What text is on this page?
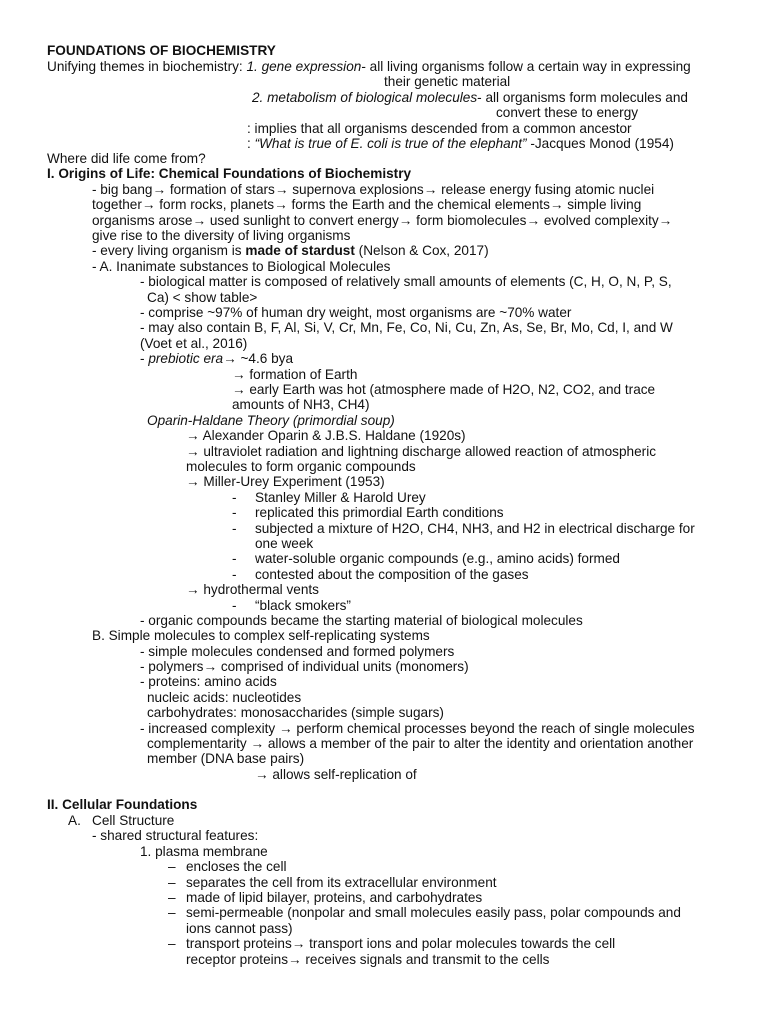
FOUNDATIONS OF BIOCHEMISTRY
Unifying themes in biochemistry: 1. gene expression- all living organisms follow a certain way in expressing
their genetic material
2. metabolism of biological molecules- all organisms form molecules and
convert these to energy
: implies that all organisms descended from a common ancestor
: “What is true of E. coli is true of the elephant” -Jacques Monod (1954)
Where did life come from?
I. Origins of Life: Chemical Foundations of Biochemistry
- big bang→ formation of stars→ supernova explosions→ release energy fusing atomic nuclei
together→ form rocks, planets→ forms the Earth and the chemical elements→ simple living
organisms arose→ used sunlight to convert energy→ form biomolecules→ evolved complexity→
give rise to the diversity of living organisms
- every living organism is made of stardust (Nelson & Cox, 2017)
- A. Inanimate substances to Biological Molecules
- biological matter is composed of relatively small amounts of elements (C, H, O, N, P, S,
Ca) < show table>
- comprise ~97% of human dry weight, most organisms are ~70% water
- may also contain B, F, Al, Si, V, Cr, Mn, Fe, Co, Ni, Cu, Zn, As, Se, Br, Mo, Cd, I, and W
(Voet et al., 2016)
- prebiotic era→ ~4.6 bya
→ formation of Earth
→ early Earth was hot (atmosphere made of H2O, N2, CO2, and trace
amounts of NH3, CH4)
Oparin-Haldane Theory (primordial soup)
→ Alexander Oparin & J.B.S. Haldane (1920s)
→ ultraviolet radiation and lightning discharge allowed reaction of atmospheric
molecules to form organic compounds
→ Miller-Urey Experiment (1953)
- Stanley Miller & Harold Urey
- replicated this primordial Earth conditions
- subjected a mixture of H2O, CH4, NH3, and H2 in electrical discharge for
one week
- water-soluble organic compounds (e.g., amino acids) formed
- contested about the composition of the gases
→ hydrothermal vents
- “black smokers”
- organic compounds became the starting material of biological molecules
B. Simple molecules to complex self-replicating systems
- simple molecules condensed and formed polymers
- polymers→ comprised of individual units (monomers)
- proteins: amino acids
nucleic acids: nucleotides
carbohydrates: monosaccharides (simple sugars)
- increased complexity → perform chemical processes beyond the reach of single molecules
complementarity → allows a member of the pair to alter the identity and orientation another
member (DNA base pairs)
→ allows self-replication of
II. Cellular Foundations
A. Cell Structure
- shared structural features:
1. plasma membrane
– encloses the cell
– separates the cell from its extracellular environment
– made of lipid bilayer, proteins, and carbohydrates
– semi-permeable (nonpolar and small molecules easily pass, polar compounds and
ions cannot pass)
– transport proteins→ transport ions and polar molecules towards the cell
receptor proteins→ receives signals and transmit to the cells
